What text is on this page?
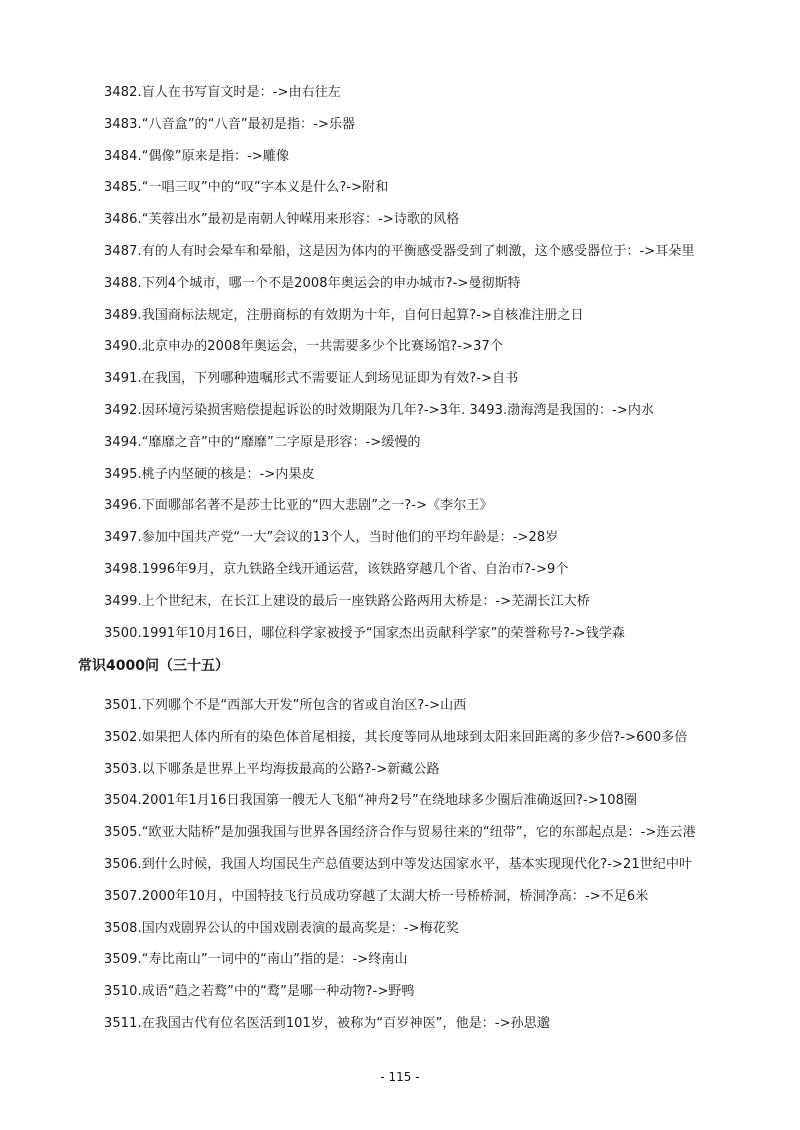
3482.盲人在书写盲文时是：->由右往左
3483.“八音盒”的“八音”最初是指：->乐器
3484.“偶像”原来是指：->雕像
3485.“一唱三叹”中的“叹”字本义是什么?->附和
3486.“芙蓉出水”最初是南朝人钟嵘用来形容：->诗歌的风格
3487.有的人有时会晕车和晕船，这是因为体内的平衡感受器受到了刺激，这个感受器位于：->耳朵里
3488.下列4个城市，哪一个不是2008年奥运会的申办城市?->曼彻斯特
3489.我国商标法规定，注册商标的有效期为十年，自何日起算?->自核准注册之日
3490.北京申办的2008年奥运会，一共需要多少个比赛场馆?->37个
3491.在我国，下列哪种遗嘱形式不需要证人到场见证即为有效?->自书
3492.因环境污染损害赔偿提起诉讼的时效期限为几年?->3年. 3493.渤海湾是我国的：->内水
3494.“靡靡之音”中的“靡靡”二字原是形容：->缓慢的
3495.桃子内坚硬的核是：->内果皮
3496.下面哪部名著不是莎士比亚的“四大悲剧”之一?->《李尔王》
3497.参加中国共产党“一大”会议的13个人，当时他们的平均年龄是：->28岁
3498.1996年9月，京九铁路全线开通运营，该铁路穿越几个省、自治市?->9个
3499.上个世纪末，在长江上建设的最后一座铁路公路两用大桥是：->芜湖长江大桥
3500.1991年10月16日，哪位科学家被授予“国家杰出贡献科学家”的荣誉称号?->钱学森
常识4000问（三十五）
3501.下列哪个不是“西部大开发”所包含的省或自治区?->山西
3502.如果把人体内所有的染色体首尾相接，其长度等同从地球到太阳来回距离的多少倍?->600多倍
3503.以下哪条是世界上平均海拔最高的公路?->新藏公路
3504.2001年1月16日我国第一艘无人飞船“神舟2号”在绕地球多少圈后准确返回?->108圈
3505.“欧亚大陆桥”是加强我国与世界各国经济合作与贸易往来的“纽带”，它的东部起点是：->连云港
3506.到什么时候，我国人均国民生产总值要达到中等发达国家水平，基本实现现代化?->21世纪中叶
3507.2000年10月，中国特技飞行员成功穿越了太湖大桥一号桥桥洞，桥洞净高：->不足6米
3508.国内戏剧界公认的中国戏剧表演的最高奖是：->梅花奖
3509.“寿比南山”一词中的“南山”指的是：->终南山
3510.成语“趋之若鹜”中的“鹜”是哪一种动物?->野鸭
3511.在我国古代有位名医活到101岁，被称为“百岁神医”，他是：->孙思邈
- 115 -
